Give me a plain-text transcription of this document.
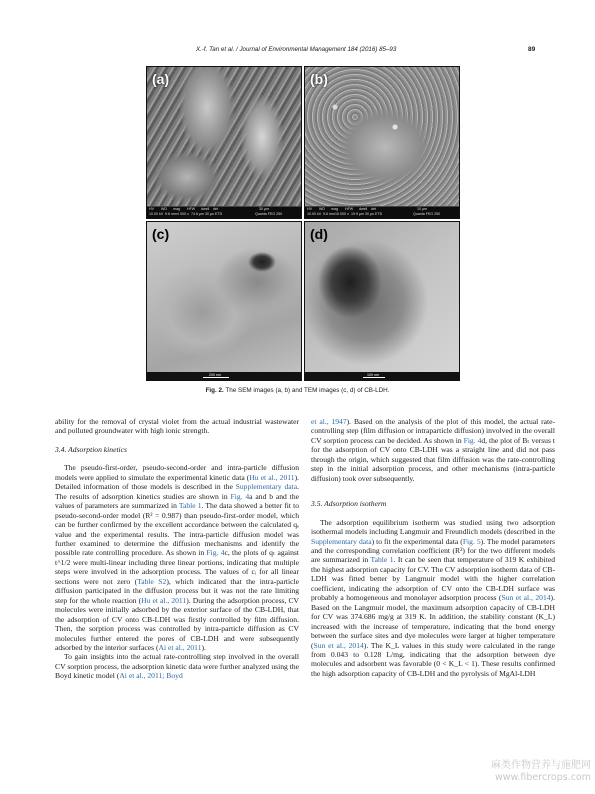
X.-f. Tan et al. / Journal of Environmental Management 184 (2016) 85–93	89
(a)
HV WD mag HFW dwell det	30 μm
10.00 kV 9.6 mm 4 000 x 74.6 μm 30 μs ETD	Quanta FEG 250
(b)
HV WD mag HFW dwell det	10 μm
10.00 kV 9.6 mm 15 000 x 19.9 μm 30 μs ETD	Quanta FEG 250
(c)
200 nm
(d)
100 nm
Fig. 2. The SEM images (a, b) and TEM images (c, d) of CB-LDH.

ability for the removal of crystal violet from the actual industrial wastewater and polluted groundwater with high ionic strength.

3.4. Adsorption kinetics

The pseudo-first-order, pseudo-second-order and intra-particle diffusion models were applied to simulate the experimental kinetic data (Hu et al., 2011). Detailed information of those models is described in the Supplementary data. The results of adsorption kinetics studies are shown in Fig. 4a and b and the values of parameters are summarized in Table 1. The data showed a better fit to pseudo-second-order model (R² = 0.987) than pseudo-first-order model, which can be further confirmed by the excellent accordance between the calculated qₑ value and the experimental results. The intra-particle diffusion model was further examined to determine the diffusion mechanisms and identify the possible rate controlling procedure. As shown in Fig. 4c, the plots of qₜ against t^1/2 were multi-linear including three linear portions, indicating that multiple steps were involved in the adsorption process. The values of cᵢ for all linear sections were not zero (Table S2), which indicated that the intra-particle diffusion participated in the diffusion process but it was not the rate limiting step for the whole reaction (Hu et al., 2011). During the adsorption process, CV molecules were initially adsorbed by the exterior surface of the CB-LDH, that the adsorption of CV onto CB-LDH was firstly controlled by film diffusion. Then, the sorption process was controlled by intra-particle diffusion as CV molecules further entered the pores of CB-LDH and were subsequently adsorbed by the interior surfaces (Ai et al., 2011).

To gain insights into the actual rate-controlling step involved in the overall CV sorption process, the adsorption kinetic data were further analyzed using the Boyd kinetic model (Ai et al., 2011; Boyd

et al., 1947). Based on the analysis of the plot of this model, the actual rate-controlling step (film diffusion or intraparticle diffusion) involved in the overall CV sorption process can be decided. As shown in Fig. 4d, the plot of Bₜ versus t for the adsorption of CV onto CB-LDH was a straight line and did not pass through the origin, which suggested that film diffusion was the rate-controlling step in the initial adsorption process, and other mechanisms (intra-particle diffusion) took over subsequently.

3.5. Adsorption isotherm

The adsorption equilibrium isotherm was studied using two adsorption isothermal models including Langmuir and Freundlich models (described in the Supplementary data) to fit the experimental data (Fig. 5). The model parameters and the corresponding correlation coefficient (R²) for the two different models are summarized in Table 1. It can be seen that temperature of 319 K exhibited the highest adsorption capacity for CV. The CV adsorption isotherm data of CB-LDH was fitted better by Langmuir model with the higher correlation coefficient, indicating the adsorption of CV onto the CB-LDH surface was probably a homogeneous and monolayer adsorption process (Sun et al., 2014). Based on the Langmuir model, the maximum adsorption capacity of CB-LDH for CV was 374.686 mg/g at 319 K. In addition, the stability constant (K_L) increased with the increase of temperature, indicating that the bond energy between the surface sites and dye molecules were larger at higher temperature (Sun et al., 2014). The K_L values in this study were calculated in the range from 0.043 to 0.128 L/mg, indicating that the adsorption between dye molecules and adsorbent was favorable (0 < K_L < 1). These results confirmed the high adsorption capacity of CB-LDH and the pyrolysis of MgAl-LDH

麻类作物营养与施肥网
www.fibercrops.com
